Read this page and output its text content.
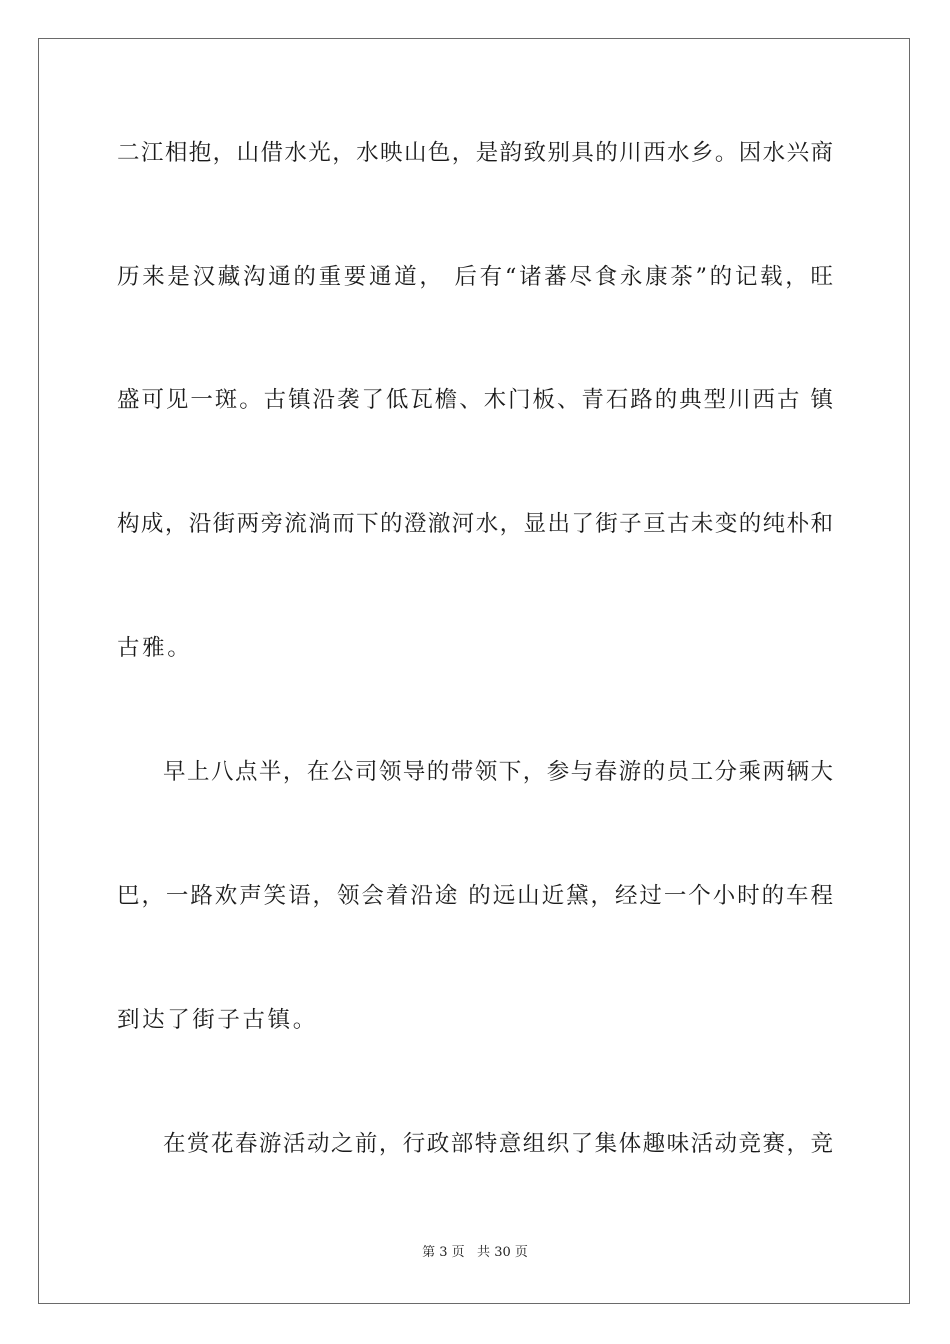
二江相抱，山借水光，水映山色，是韵致别具的川西水乡。因水兴商
历来是汉藏沟通的重要通道， 后有“诸蕃尽食永康茶”的记载，旺
盛可见一斑。古镇沿袭了低瓦檐、木门板、青石路的典型川西古 镇
构成，沿街两旁流淌而下的澄澈河水，显出了街子亘古未变的纯朴和
古雅。
早上八点半，在公司领导的带领下，参与春游的员工分乘两辆大
巴，一路欢声笑语，领会着沿途 的远山近黛，经过一个小时的车程
到达了街子古镇。
在赏花春游活动之前，行政部特意组织了集体趣味活动竞赛，竞
第 3 页   共 30 页
